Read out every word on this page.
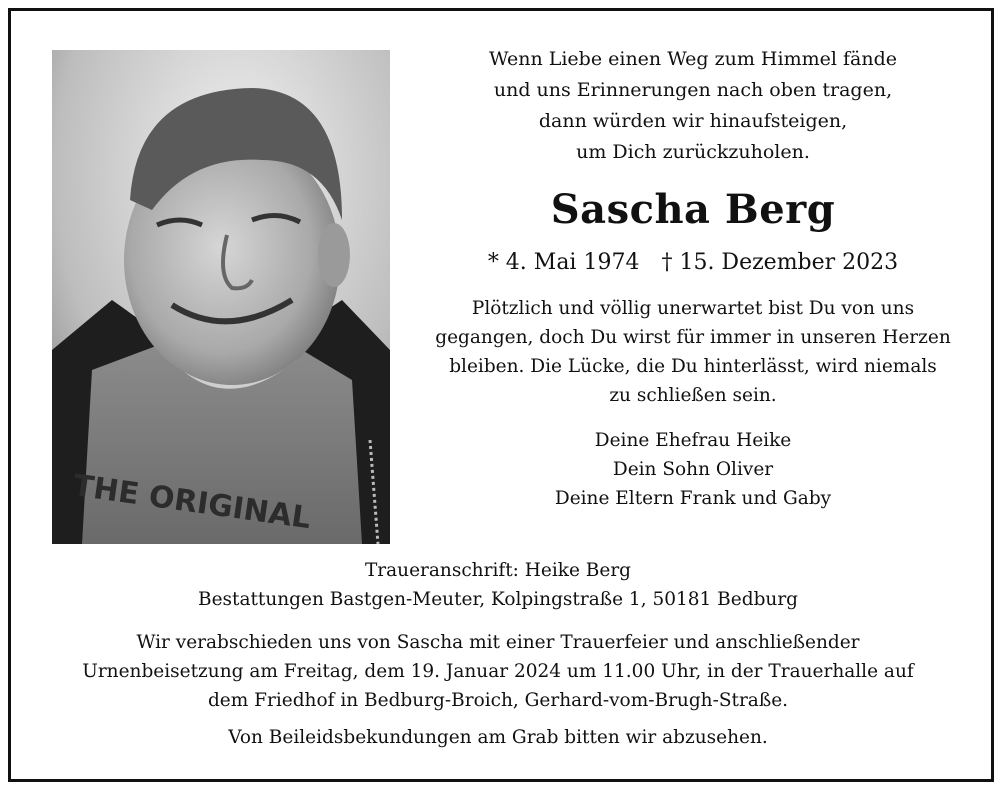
THE ORIGINAL

Wenn Liebe einen Weg zum Himmel fände

und uns Erinnerungen nach oben tragen,

dann würden wir hinaufsteigen,

um Dich zurückzuholen.

Sascha Berg
* 4. Mai 1974 † 15. Dezember 2023

Plötzlich und völlig unerwartet bist Du von uns

gegangen, doch Du wirst für immer in unseren Herzen

bleiben. Die Lücke, die Du hinterlässt, wird niemals

zu schließen sein.

Deine Ehefrau Heike

Dein Sohn Oliver

Deine Eltern Frank und Gaby

Traueranschrift: Heike Berg

Bestattungen Bastgen-Meuter, Kolpingstraße 1, 50181 Bedburg

Wir verabschieden uns von Sascha mit einer Trauerfeier und anschließender

Urnenbeisetzung am Freitag, dem 19. Januar 2024 um 11.00 Uhr, in der Trauerhalle auf

dem Friedhof in Bedburg-Broich, Gerhard-vom-Brugh-Straße.

Von Beileidsbekundungen am Grab bitten wir abzusehen.
